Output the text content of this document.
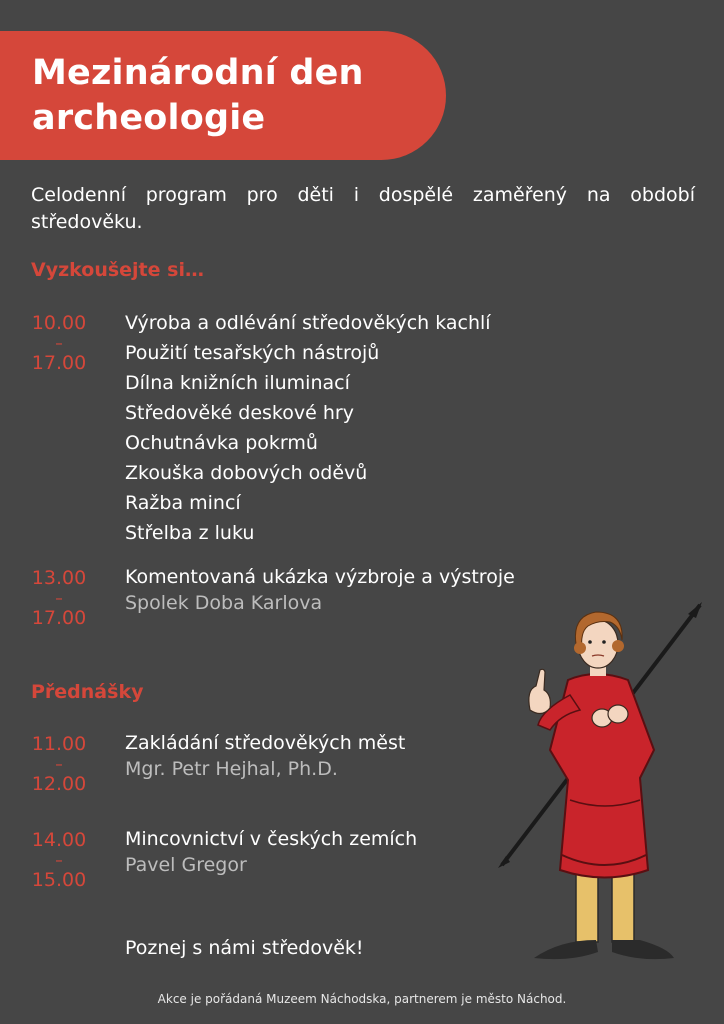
Mezinárodní den
archeologie

Celodenní program pro děti i dospělé zaměřený na období středověku.

Vyzkoušejte si…
10.00
–
17.00
Výroba a odlévání středověkých kachlí
Použití tesařských nástrojů
Dílna knižních iluminací
Středověké deskové hry
Ochutnávka pokrmů
Zkouška dobových oděvů
Ražba mincí
Střelba z luku
13.00
–
17.00

Komentovaná ukázka výzbroje a výstroje

Spolek Doba Karlova

Přednášky
11.00
–
12.00

Zakládání středověkých měst

Mgr. Petr Hejhal, Ph.D.

14.00
–
15.00

Mincovnictví v českých zemích

Pavel Gregor

Poznej s námi středověk!

Akce je pořádaná Muzeem Náchodska, partnerem je město Náchod.
